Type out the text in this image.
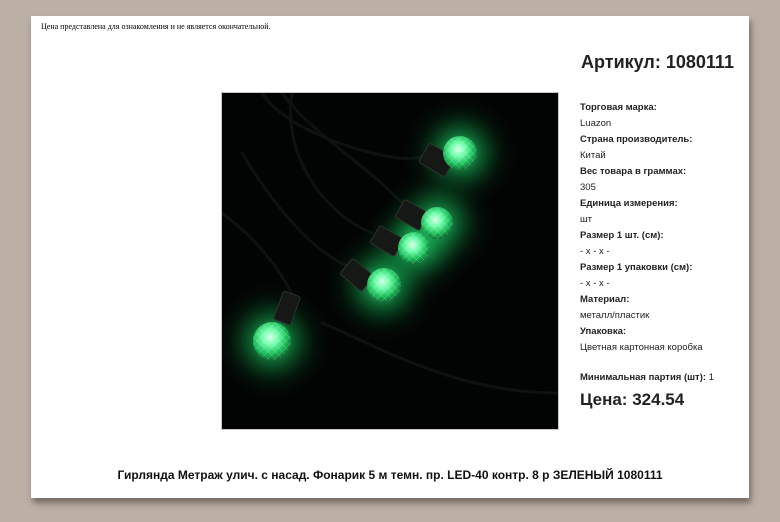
Цена представлена для ознакомления и не является окончательной.
Артикул: 1080111
Торговая марка:
Luazon
Страна производитель:
Китай
Вес товара в граммах:
305
Единица измерения:
шт
Размер 1 шт. (см):
- x - x -
Размер 1 упаковки (см):
- x - x -
Материал:
металл/пластик
Упаковка:
Цветная картонная коробка
Минимальная партия (шт): 1
Цена: 324.54
Гирлянда Метраж улич. с насад. Фонарик 5 м темн. пр. LED-40 контр. 8 р ЗЕЛЕНЫЙ 1080111
